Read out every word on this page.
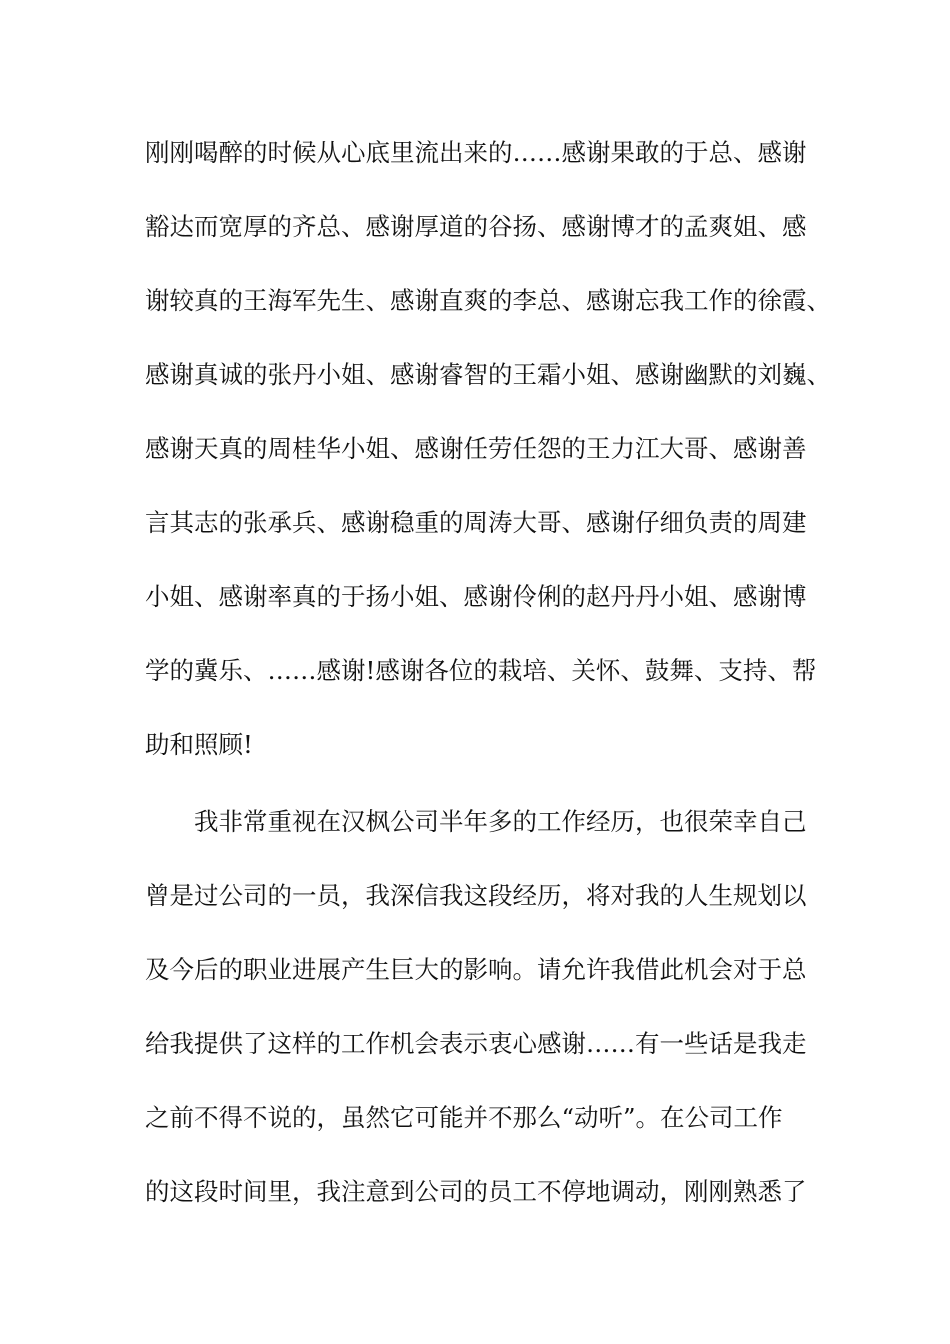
刚刚喝醉的时候从心底里流出来的……感谢果敢的于总、感谢
豁达而宽厚的齐总、感谢厚道的谷扬、感谢博才的孟爽姐、感
谢较真的王海军先生、感谢直爽的李总、感谢忘我工作的徐霞、
感谢真诚的张丹小姐、感谢睿智的王霜小姐、感谢幽默的刘巍、
感谢天真的周桂华小姐、感谢任劳任怨的王力江大哥、感谢善
言其志的张承兵、感谢稳重的周涛大哥、感谢仔细负责的周建
小姐、感谢率真的于扬小姐、感谢伶俐的赵丹丹小姐、感谢博
学的冀乐、……感谢!感谢各位的栽培、关怀、鼓舞、支持、帮
助和照顾!
我非常重视在汉枫公司半年多的工作经历，也很荣幸自己
曾是过公司的一员，我深信我这段经历，将对我的人生规划以
及今后的职业进展产生巨大的影响。请允许我借此机会对于总
给我提供了这样的工作机会表示衷心感谢……有一些话是我走
之前不得不说的，虽然它可能并不那么“动听”。在公司工作
的这段时间里，我注意到公司的员工不停地调动，刚刚熟悉了
